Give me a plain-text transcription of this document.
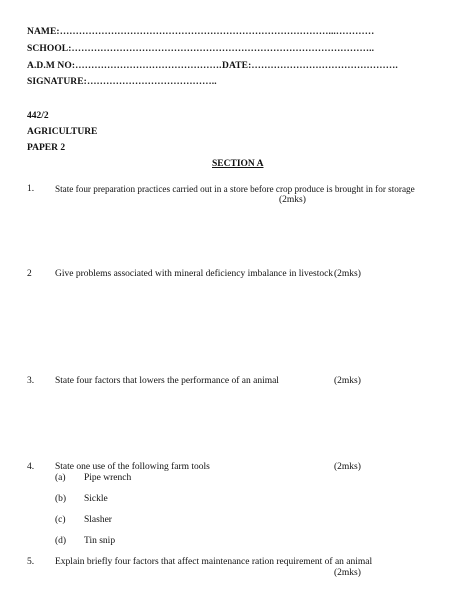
NAME:…………………………………………………………………………...…………
SCHOOL:…………………………………………………………………………………..
A.D.M NO:………………………………………. DATE:……………………………………….
SIGNATURE:…………………………………..
442/2
AGRICULTURE
PAPER 2
SECTION A
1. State four preparation practices carried out in a store before crop produce is brought in for storage
(2mks)
2 Give problems associated with mineral deficiency imbalance in livestock (2mks)
3. State four factors that lowers the performance of an animal	(2mks)
4. State one use of the following farm tools	(2mks)
(a) Pipe wrench
(b) Sickle
(c) Slasher
(d) Tin snip
5. Explain briefly four factors that affect maintenance ration requirement of an animal
(2mks)
